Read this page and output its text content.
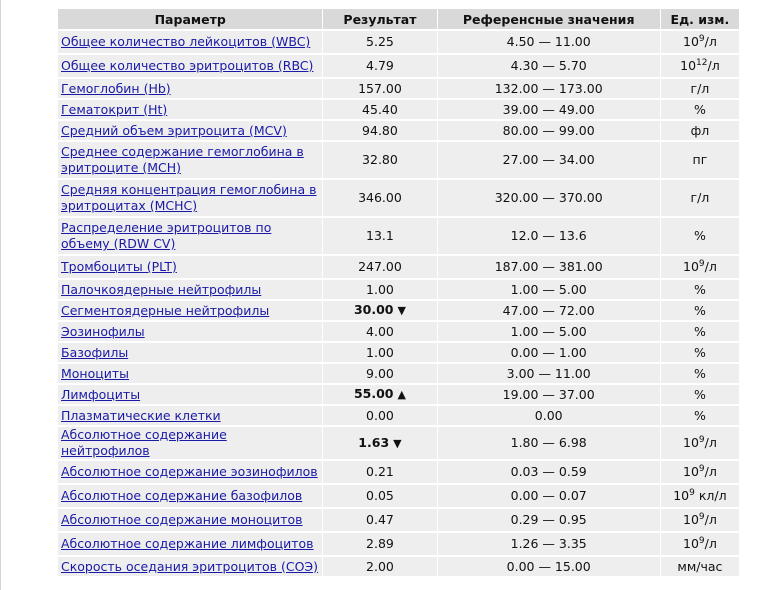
Параметр	Результат	Референсные значения	Ед. изм.
Общее количество лейкоцитов (WBC)	5.25	4.50 — 11.00	$10^9/л$
Общее количество эритроцитов (RBC)	4.79	4.30 — 5.70	$10^{12}/л$
Гемоглобин (Hb)	157.00	132.00 — 173.00	г/л
Гематокрит (Ht)	45.40	39.00 — 49.00	%
Средний объем эритроцита (MCV)	94.80	80.00 — 99.00	фл
Среднее содержание гемоглобина в эритроците (MCH)	32.80	27.00 — 34.00	пг
Средняя концентрация гемоглобина в эритроцитах (MCHC)	346.00	320.00 — 370.00	г/л
Распределение эритроцитов по объему (RDW CV)	13.1	12.0 — 13.6	%
Тромбоциты (PLT)	247.00	187.00 — 381.00	$10^9/л$
Палочкоядерные нейтрофилы	1.00	1.00 — 5.00	%
Сегментоядерные нейтрофилы	30.00 ▼	47.00 — 72.00	%
Эозинофилы	4.00	1.00 — 5.00	%
Базофилы	1.00	0.00 — 1.00	%
Моноциты	9.00	3.00 — 11.00	%
Лимфоциты	55.00 ▲	19.00 — 37.00	%
Плазматические клетки	0.00	0.00	%
Абсолютное содержание нейтрофилов	1.63 ▼	1.80 — 6.98	$10^9/л$
Абсолютное содержание эозинофилов	0.21	0.03 — 0.59	$10^9/л$
Абсолютное содержание базофилов	0.05	0.00 — 0.07	$10^9$ кл/л
Абсолютное содержание моноцитов	0.47	0.29 — 0.95	$10^9/л$
Абсолютное содержание лимфоцитов	2.89	1.26 — 3.35	$10^9/л$
Скорость оседания эритроцитов (СОЭ)	2.00	0.00 — 15.00	мм/час
